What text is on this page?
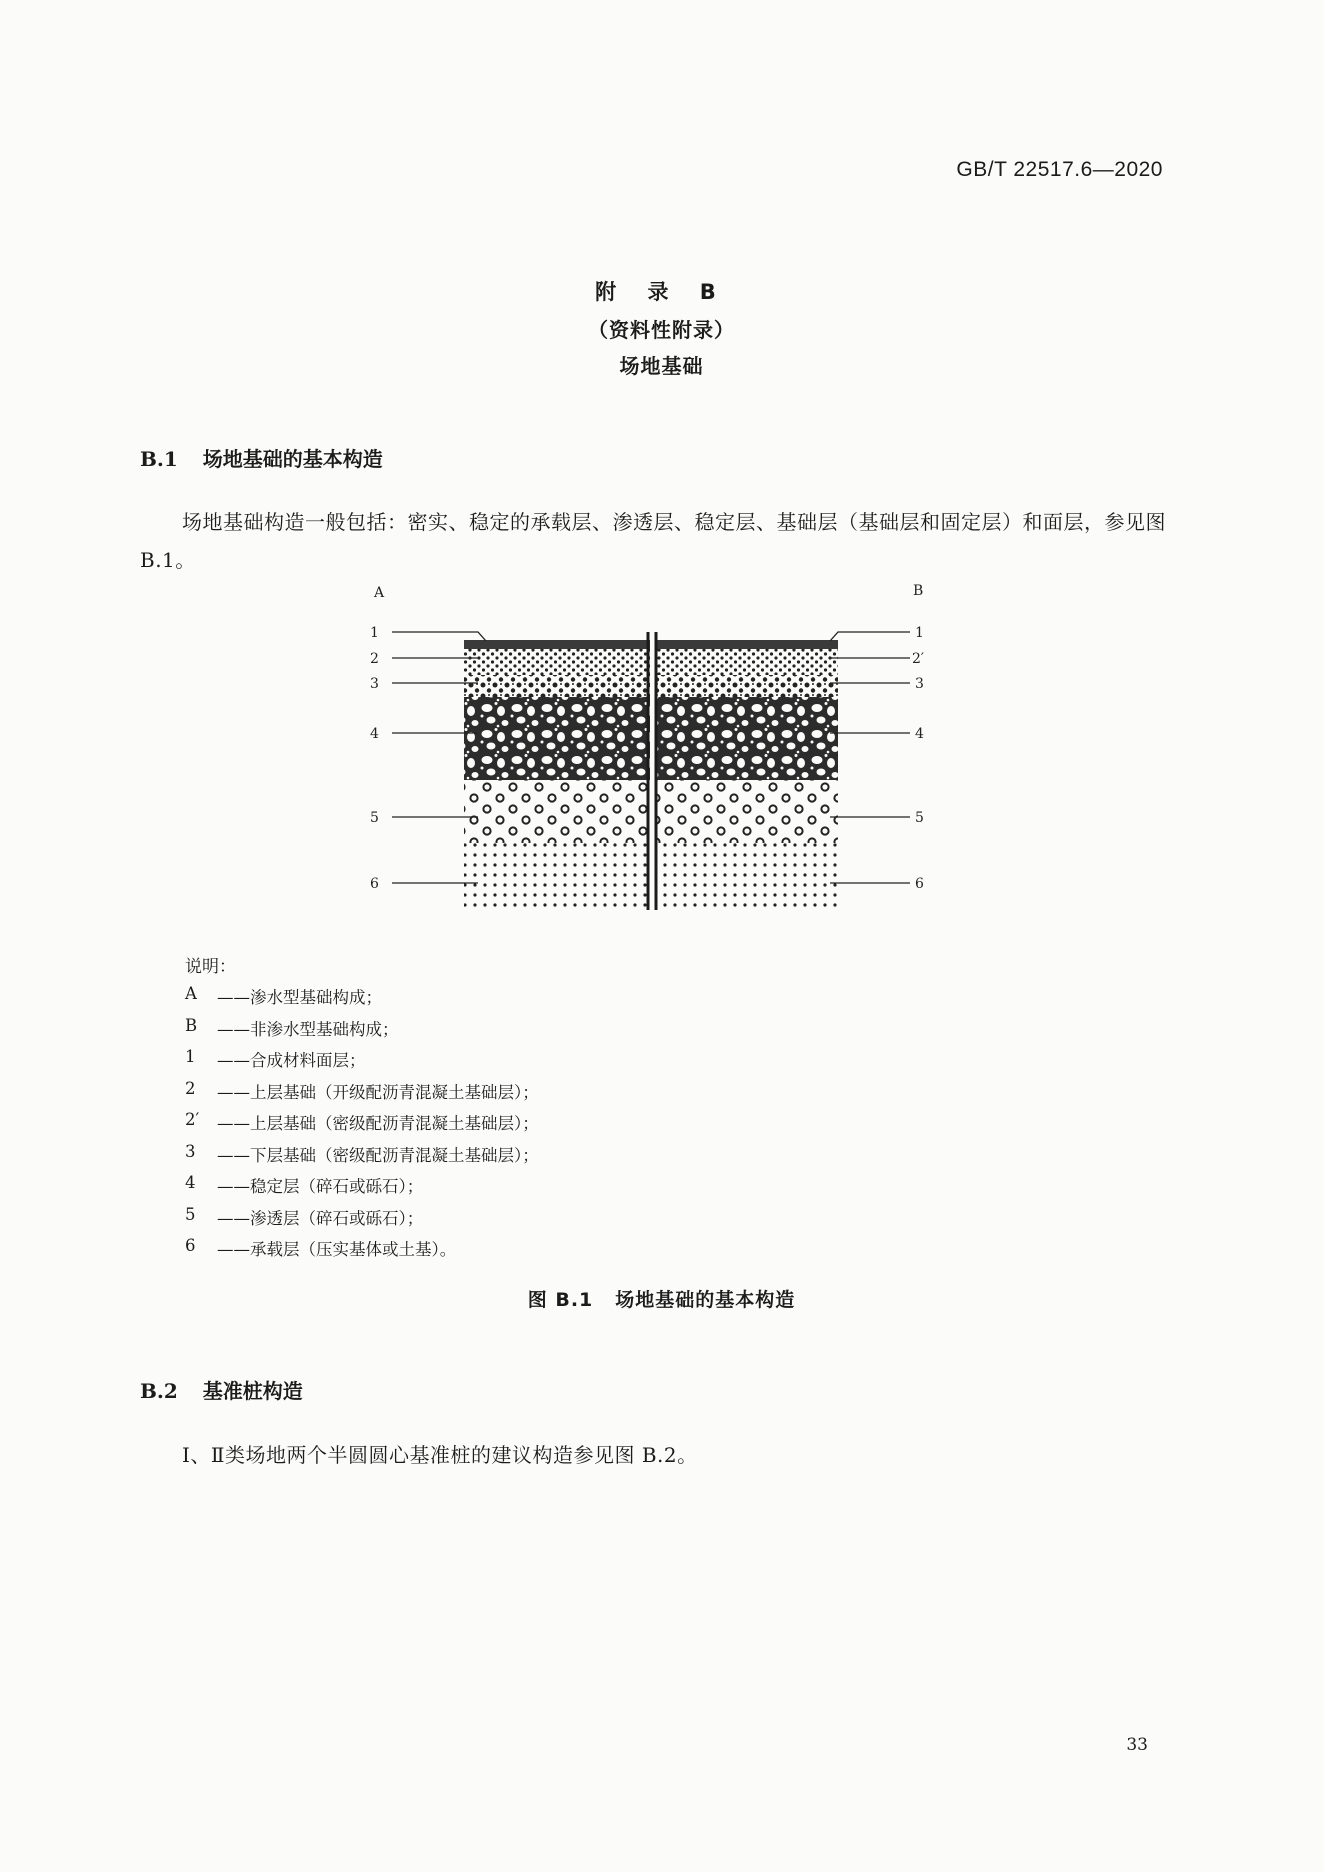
GB/T 22517.6—2020
附 录 B
（资料性附录）
场地基础
B.1 场地基础的基本构造
场地基础构造一般包括：密实、稳定的承载层、渗透层、稳定层、基础层（基础层和固定层）和面层，参见图 B.1。
A	B
1
2
3
4
5
6
1
2′
3
4
5
6
说明：
A	——渗水型基础构成；
B	——非渗水型基础构成；
1	——合成材料面层；
2	——上层基础（开级配沥青混凝土基础层）；
2′	——上层基础（密级配沥青混凝土基础层）；
3	——下层基础（密级配沥青混凝土基础层）；
4	——稳定层（碎石或砾石）；
5	——渗透层（碎石或砾石）；
6	——承载层（压实基体或土基）。
图 B.1 场地基础的基本构造
B.2 基准桩构造
Ⅰ、Ⅱ类场地两个半圆圆心基准桩的建议构造参见图 B.2。
33
